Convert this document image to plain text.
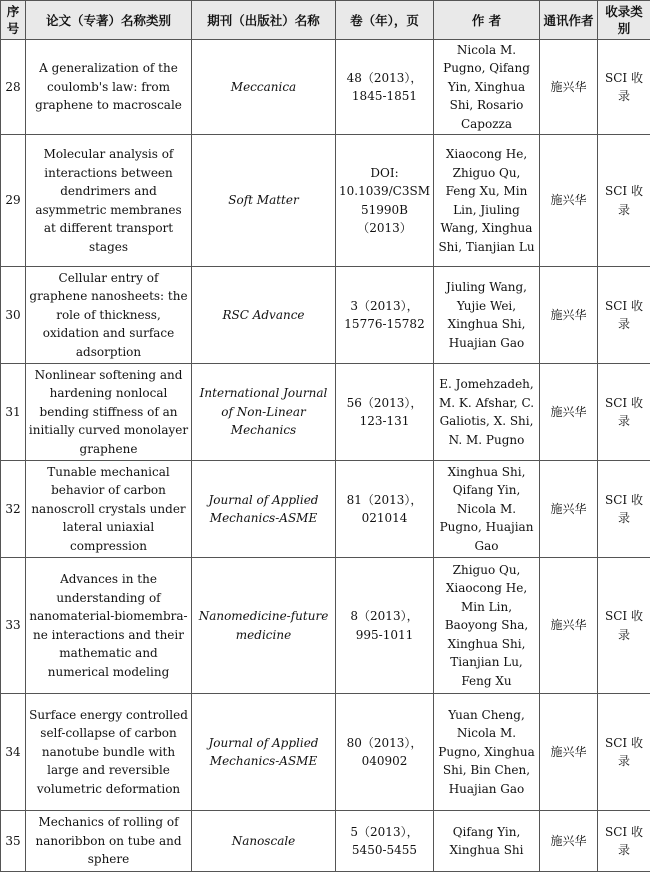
序号	论文（专著）名称类别	期刊（出版社）名称	卷（年），页	作 者	通讯作者	收录类别
28	A generalization of the coulomb's law: from graphene to macroscale	Meccanica	48（2013），1845-1851	Nicola M. Pugno, Qifang Yin, Xinghua Shi, Rosario Capozza	施兴华	SCI 收录
29	Molecular analysis of interactions between dendrimers and asymmetric membranes at different transport stages	Soft Matter	DOI: 10.1039/C3SM51990B （2013）	Xiaocong He, Zhiguo Qu, Feng Xu, Min Lin, Jiuling Wang, Xinghua Shi, Tianjian Lu	施兴华	SCI 收录
30	Cellular entry of graphene nanosheets: the role of thickness, oxidation and surface adsorption	RSC Advance	3（2013），15776-15782	Jiuling Wang, Yujie Wei, Xinghua Shi, Huajian Gao	施兴华	SCI 收录
31	Nonlinear softening and hardening nonlocal bending stiffness of an initially curved monolayer graphene	International Journal of Non-Linear Mechanics	56（2013），123-131	E. Jomehzadeh, M. K. Afshar, C. Galiotis, X. Shi, N. M. Pugno	施兴华	SCI 收录
32	Tunable mechanical behavior of carbon nanoscroll crystals under lateral uniaxial compression	Journal of Applied Mechanics-ASME	81（2013），021014	Xinghua Shi, Qifang Yin, Nicola M. Pugno, Huajian Gao	施兴华	SCI 收录
33	Advances in the understanding of nanomaterial-biomembra-ne interactions and their mathematic and numerical modeling	Nanomedicine-future medicine	8（2013），995-1011	Zhiguo Qu, Xiaocong He, Min Lin, Baoyong Sha, Xinghua Shi, Tianjian Lu, Feng Xu	施兴华	SCI 收录
34	Surface energy controlled self-collapse of carbon nanotube bundle with large and reversible volumetric deformation	Journal of Applied Mechanics-ASME	80（2013），040902	Yuan Cheng, Nicola M. Pugno, Xinghua Shi, Bin Chen, Huajian Gao	施兴华	SCI 收录
35	Mechanics of rolling of nanoribbon on tube and sphere	Nanoscale	5（2013），5450-5455	Qifang Yin, Xinghua Shi	施兴华	SCI 收录
